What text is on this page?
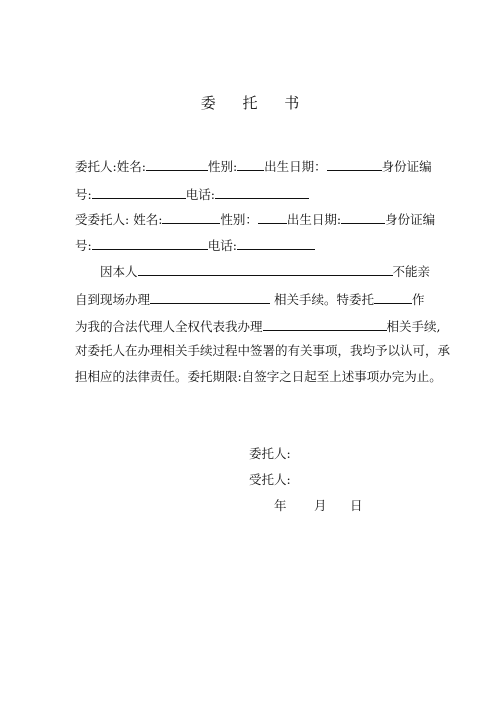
委 托 书
委托人:姓名:	性别: 出生日期：	身份证编
号:	电话:
受委托人: 姓名:	性别： 出生日期:	身份证编
号:	电话:
因本人	不能亲
自到现场办理	相关手续。特委托	作
为我的合法代理人全权代表我办理	相关手续,
对委托人在办理相关手续过程中签署的有关事项，我均予以认可，承
担相应的法律责任。委托期限:自签字之日起至上述事项办完为止。
委托人:
受托人:
年 月 日
